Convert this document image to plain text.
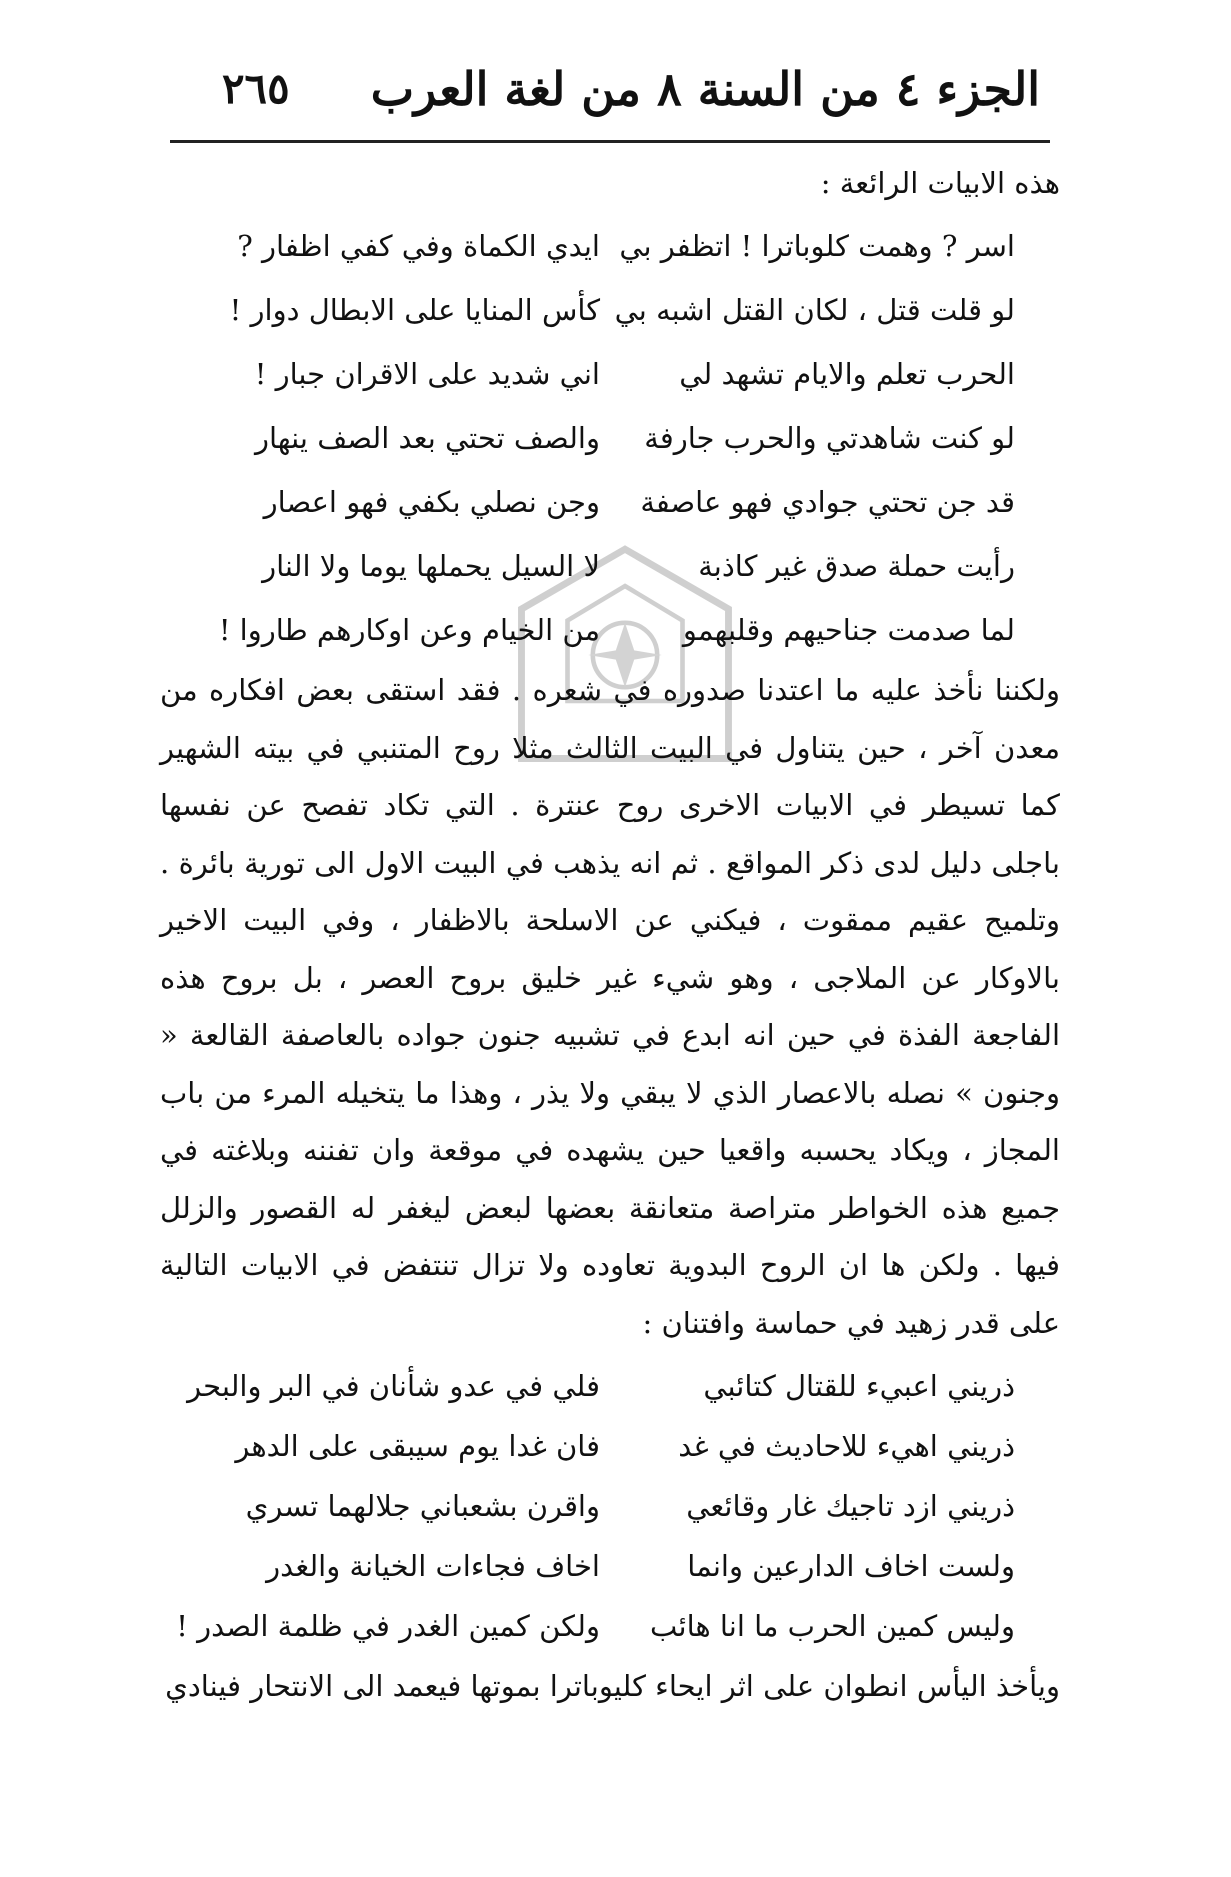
الجزء ٤ من السنة ٨ من لغة العرب
٢٦٥

هذه الابيات الرائعة :

اسر ? وهمت كلوباترا ! اتظفر بي
ايدي الكماة وفي كفي اظفار ?
لو قلت قتل ، لكان القتل اشبه بي
كأس المنايا على الابطال دوار !
الحرب تعلم والايام تشهد لي
اني شديد على الاقران جبار !
لو كنت شاهدتي والحرب جارفة
والصف تحتي بعد الصف ينهار
قد جن تحتي جوادي فهو عاصفة
وجن نصلي بكفي فهو اعصار
رأيت حملة صدق غير كاذبة
لا السيل يحملها يوما ولا النار
لما صدمت جناحيهم وقلبهمو
من الخيام وعن اوكارهم طاروا !

ولكننا نأخذ عليه ما اعتدنا صدوره في شعره . فقد استقى بعض افكاره من معدن آخر ، حين يتناول في البيت الثالث مثلا روح المتنبي في بيته الشهير كما تسيطر في الابيات الاخرى روح عنترة . التي تكاد تفصح عن نفسها باجلى دليل لدى ذكر المواقع . ثم انه يذهب في البيت الاول الى تورية بائرة . وتلميح عقيم ممقوت ، فيكني عن الاسلحة بالاظفار ، وفي البيت الاخير بالاوكار عن الملاجى ، وهو شيء غير خليق بروح العصر ، بل بروح هذه الفاجعة الفذة في حين انه ابدع في تشبيه جنون جواده بالعاصفة القالعة « وجنون » نصله بالاعصار الذي لا يبقي ولا يذر ، وهذا ما يتخيله المرء من باب المجاز ، ويكاد يحسبه واقعيا حين يشهده في موقعة وان تفننه وبلاغته في جميع هذه الخواطر متراصة متعانقة بعضها لبعض ليغفر له القصور والزلل فيها . ولكن ها ان الروح البدوية تعاوده ولا تزال تنتفض في الابيات التالية على قدر زهيد في حماسة وافتنان :

ذريني اعبيء للقتال كتائبي
فلي في عدو شأنان في البر والبحر
ذريني اهيء للاحاديث في غد
فان غدا يوم سيبقى على الدهر
ذريني ازد تاجيك غار وقائعي
واقرن بشعباني جلالهما تسري
ولست اخاف الدارعين وانما
اخاف فجاءات الخيانة والغدر
وليس كمين الحرب ما انا هائب
ولكن كمين الغدر في ظلمة الصدر !

ويأخذ اليأس انطوان على اثر ايحاء كليوباترا بموتها فيعمد الى الانتحار فينادي
